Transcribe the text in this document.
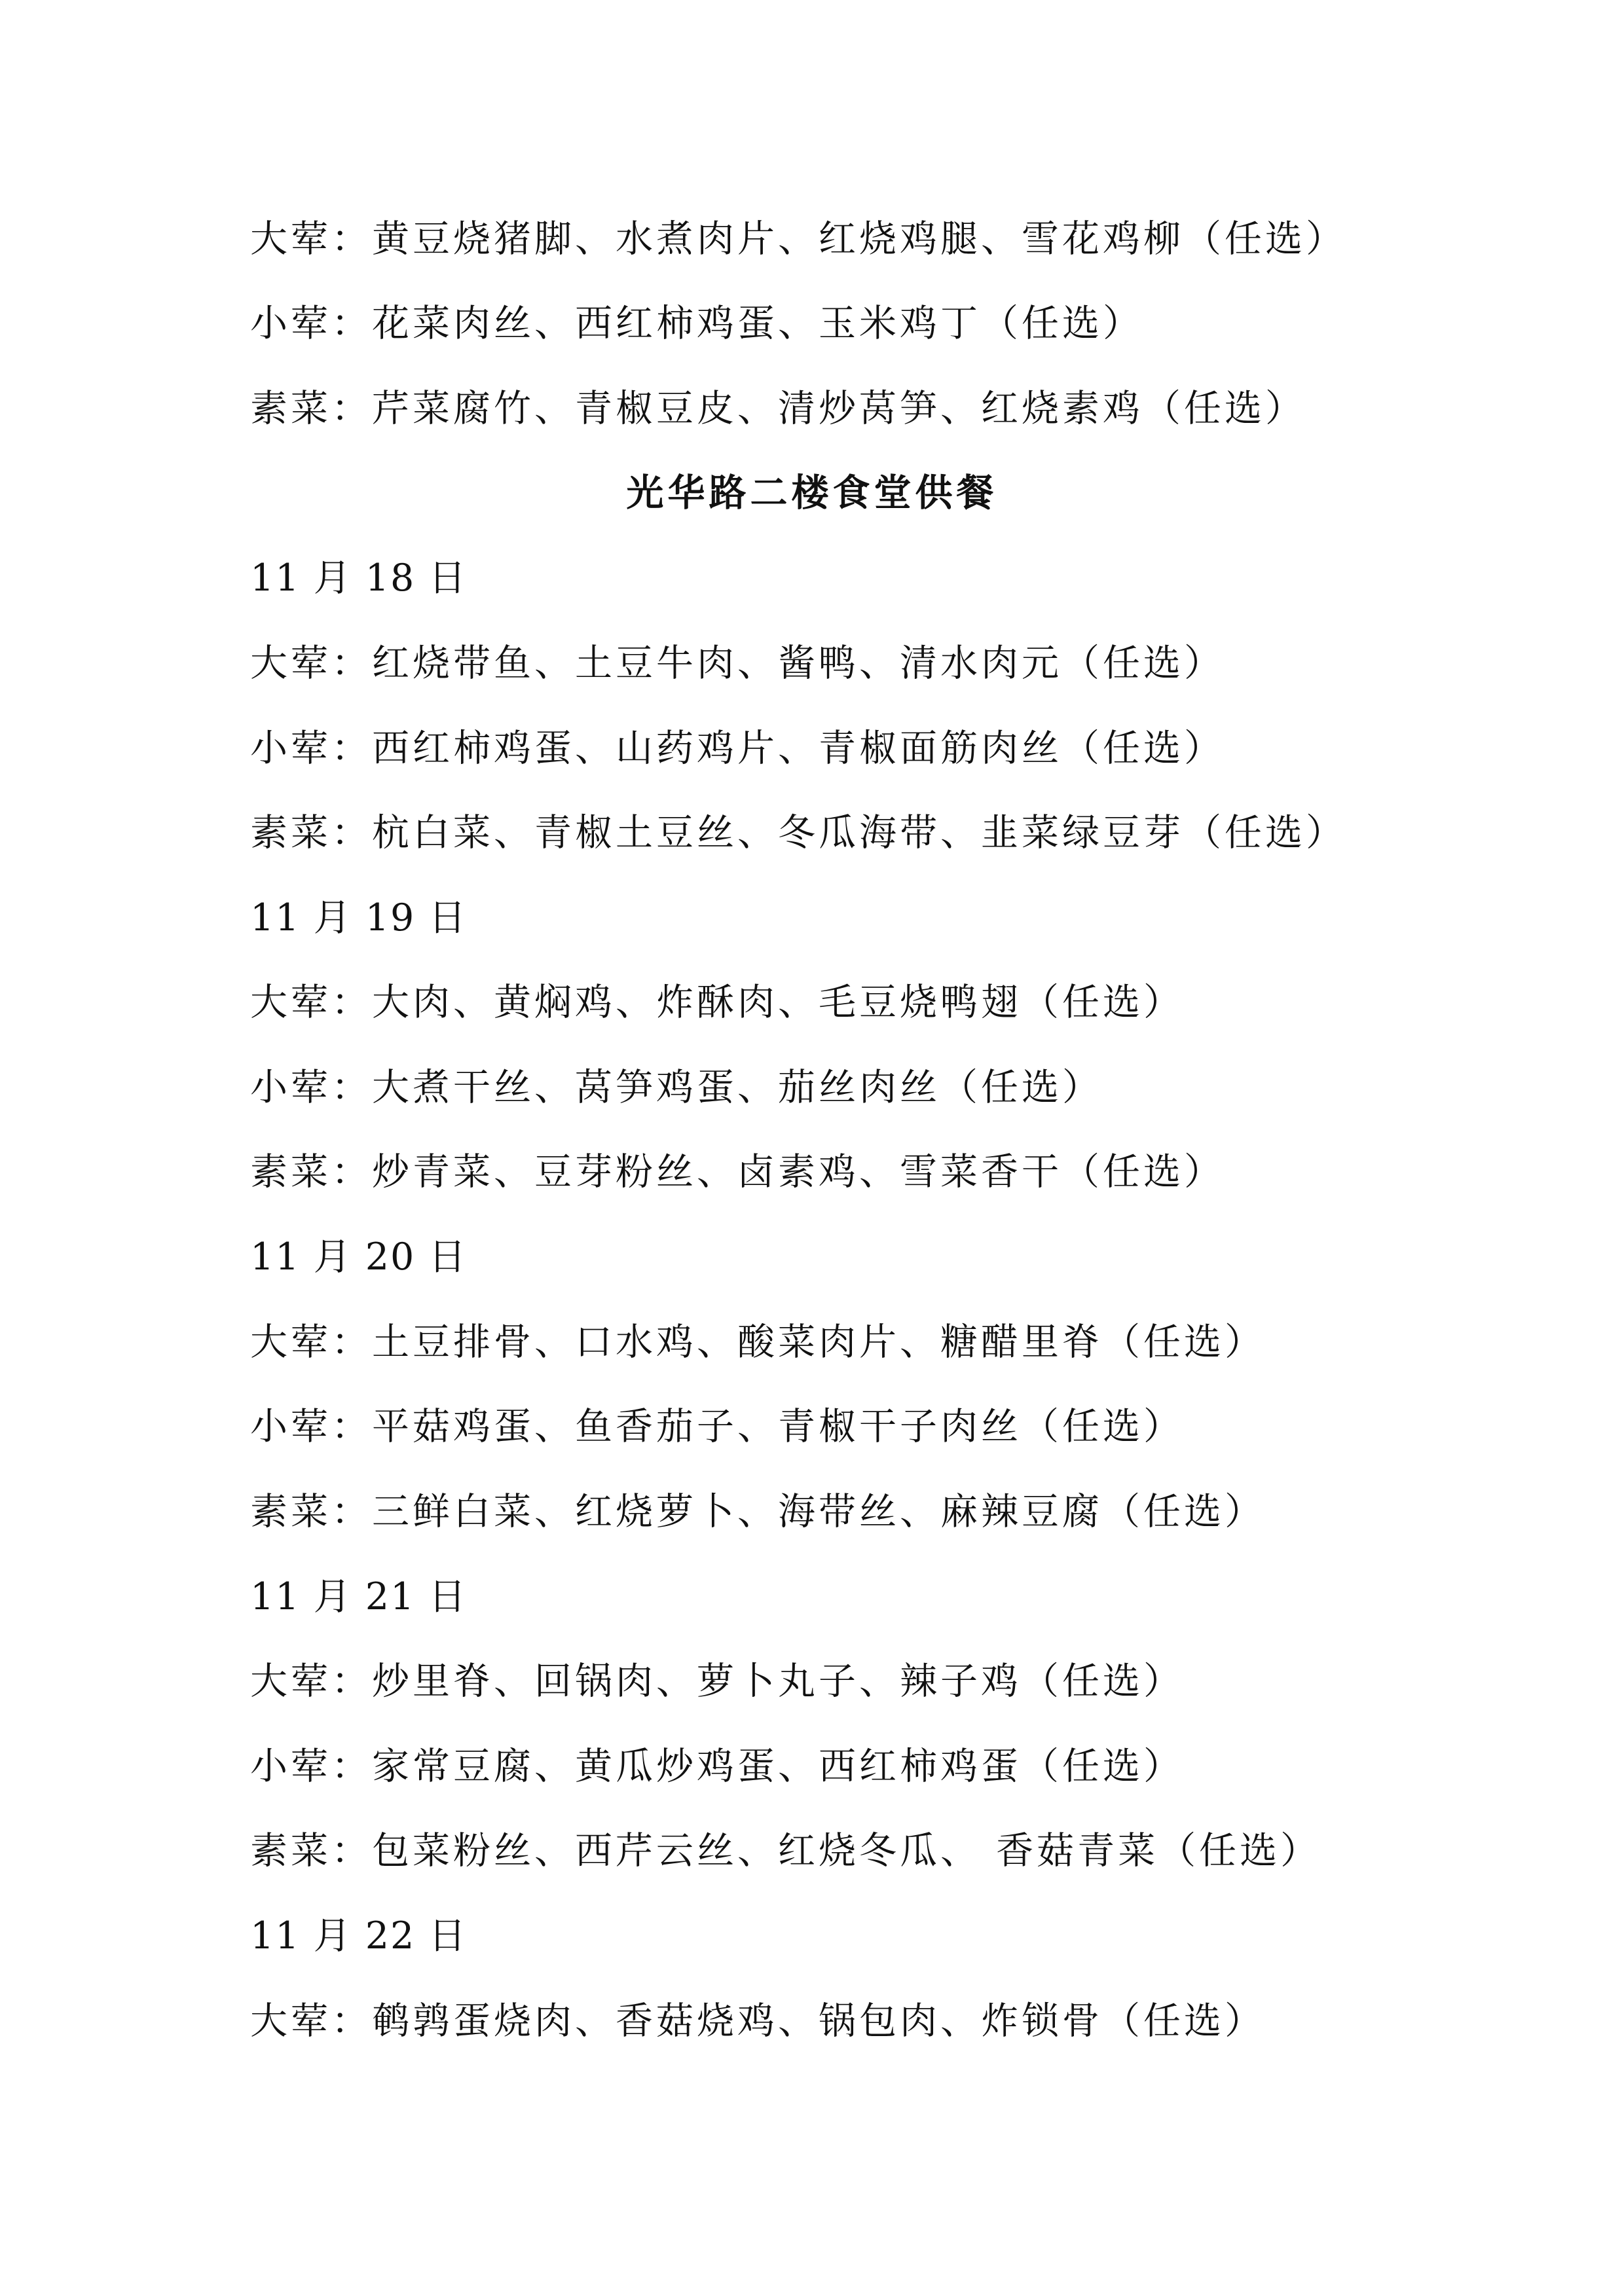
大荤：黄豆烧猪脚、水煮肉片、红烧鸡腿、雪花鸡柳（任选）
小荤：花菜肉丝、西红柿鸡蛋、玉米鸡丁（任选）
素菜：芹菜腐竹、青椒豆皮、清炒莴笋、红烧素鸡（任选）
光华路二楼食堂供餐
11 月 18 日
大荤：红烧带鱼、土豆牛肉、酱鸭、清水肉元（任选）
小荤：西红柿鸡蛋、山药鸡片、青椒面筋肉丝（任选）
素菜：杭白菜、青椒土豆丝、冬瓜海带、韭菜绿豆芽（任选）
11 月 19 日
大荤：大肉、黄焖鸡、炸酥肉、毛豆烧鸭翅（任选）
小荤：大煮干丝、莴笋鸡蛋、茄丝肉丝（任选）
素菜：炒青菜、豆芽粉丝、卤素鸡、雪菜香干（任选）
11 月 20 日
大荤：土豆排骨、口水鸡、酸菜肉片、糖醋里脊（任选）
小荤：平菇鸡蛋、鱼香茄子、青椒干子肉丝（任选）
素菜：三鲜白菜、红烧萝卜、海带丝、麻辣豆腐（任选）
11 月 21 日
大荤：炒里脊、回锅肉、萝卜丸子、辣子鸡（任选）
小荤：家常豆腐、黄瓜炒鸡蛋、西红柿鸡蛋（任选）
素菜：包菜粉丝、西芹云丝、红烧冬瓜、 香菇青菜（任选）
11 月 22 日
大荤：鹌鹑蛋烧肉、香菇烧鸡、锅包肉、炸锁骨（任选）
